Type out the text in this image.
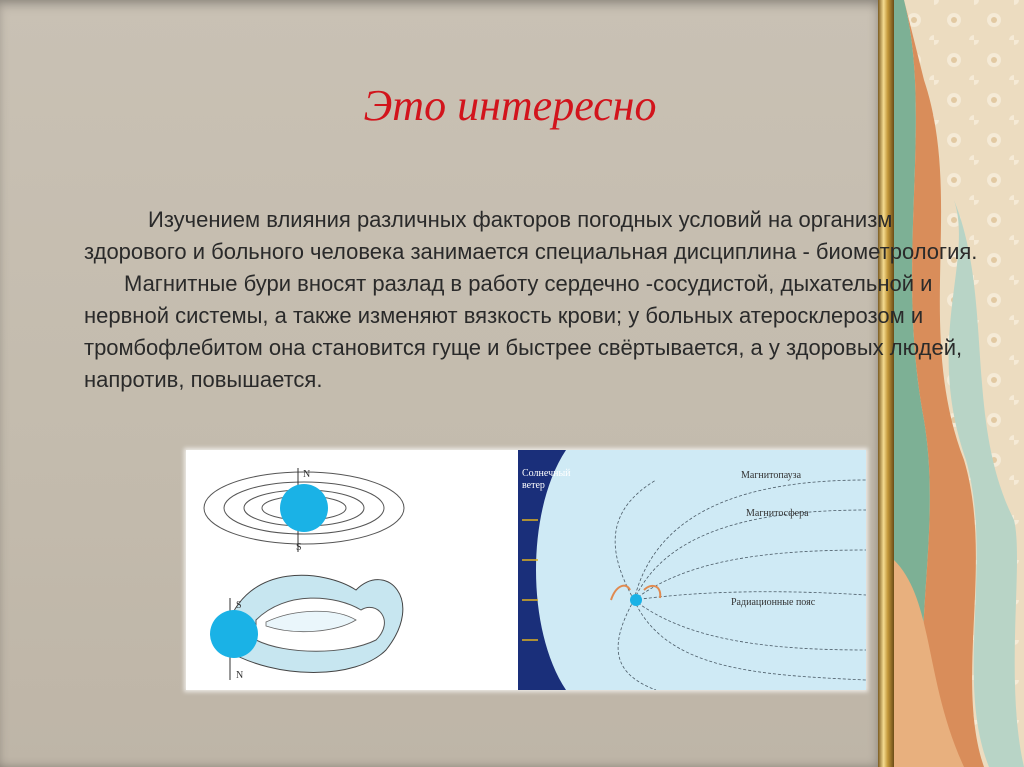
Это интересно

Изучением влияния различных факторов погодных условий на организм здорового и больного человека занимается специальная дисциплина - биометрология.

Магнитные бури вносят разлад в работу сердечно -сосудистой, дыхательной и нервной системы, а также изменяют вязкость крови; у больных атеросклерозом и тромбофлебитом она становится гуще и быстрее свёртывается, а у здоровых людей, напротив, повышается.

N
S
S
N
Солнечный
ветер
Магнитопауза
Магнитосфера
Радиационные пояс
